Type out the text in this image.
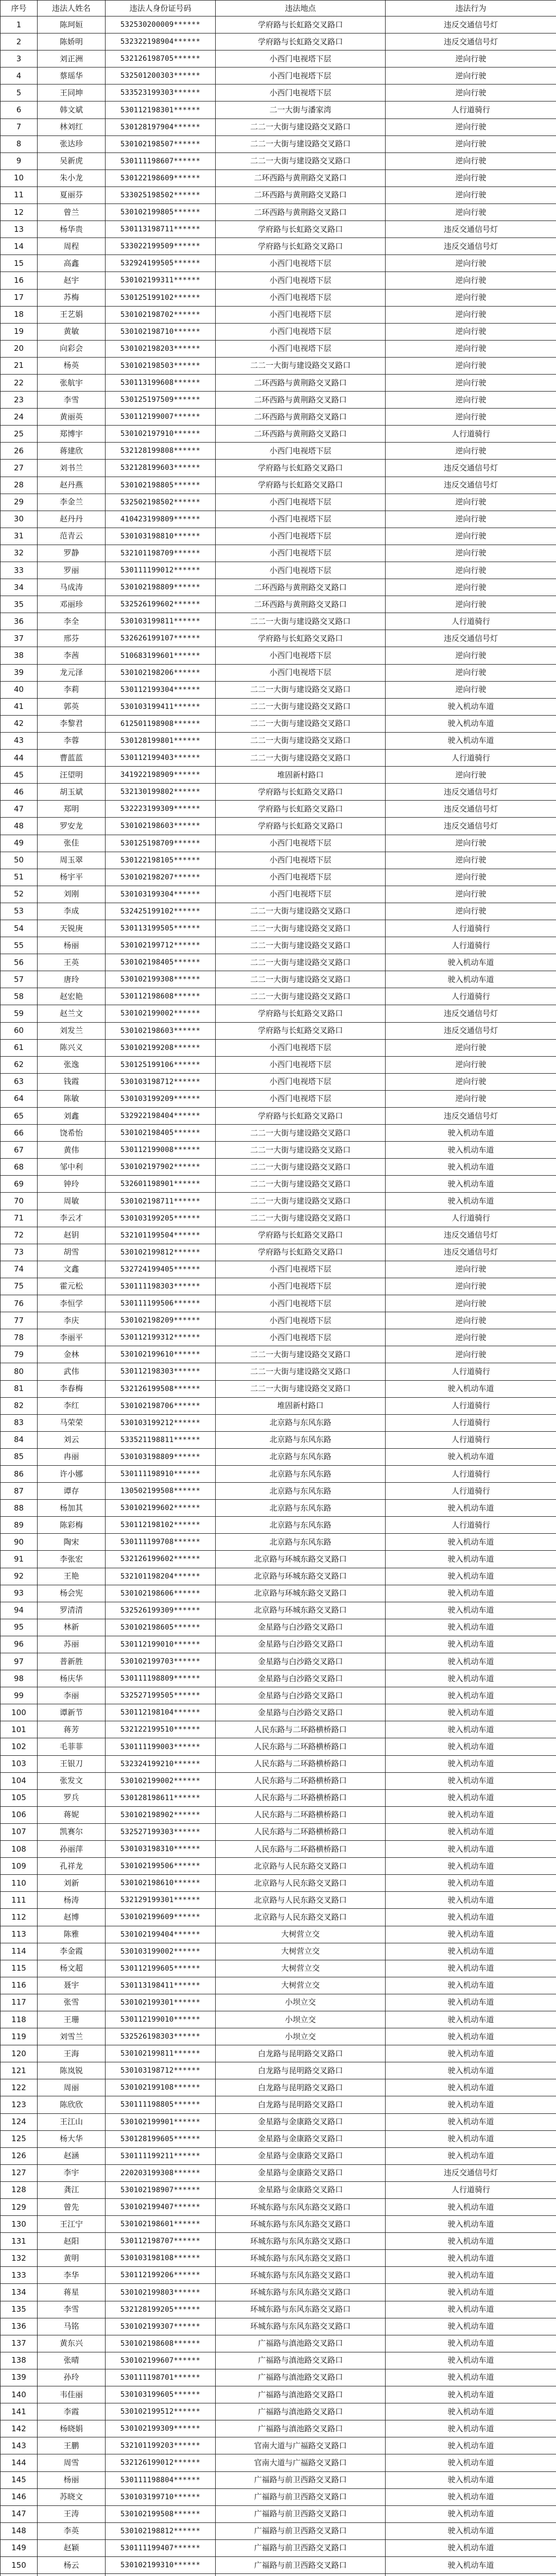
序号	违法人姓名	违法人身份证号码	违法地点	违法行为
1	陈珂姮	532530200009******	学府路与长虹路交叉路口	违反交通信号灯
2	陈娇明	532322198904******	学府路与长虹路交叉路口	违反交通信号灯
3	刘正洲	532126198705******	小西门电视塔下层	逆向行驶
4	蔡瑶华	532501200303******	小西门电视塔下层	逆向行驶
5	王同坤	533523199303******	小西门电视塔下层	逆向行驶
6	韩文斌	530112198301******	二一大街与潘家湾	人行道骑行
7	林刘红	530128197904******	二二一大街与建设路交叉路口	逆向行驶
8	张达珍	530102198507******	二二一大街与建设路交叉路口	逆向行驶
9	吴新虎	530111198607******	二二一大街与建设路交叉路口	逆向行驶
10	朱小龙	530122198609******	二环西路与黄荆路交叉路口	逆向行驶
11	夏丽芬	533025198502******	二环西路与黄荆路交叉路口	逆向行驶
12	曾兰	530102199805******	二环西路与黄荆路交叉路口	逆向行驶
13	杨华贵	530113198711******	学府路与长虹路交叉路口	违反交通信号灯
14	周程	533022199509******	学府路与长虹路交叉路口	违反交通信号灯
15	高鑫	532924199505******	小西门电视塔下层	逆向行驶
16	赵宇	530102199311******	小西门电视塔下层	逆向行驶
17	苏梅	530125199102******	小西门电视塔下层	逆向行驶
18	王艺娟	530102198702******	小西门电视塔下层	逆向行驶
19	黄敏	530102198710******	小西门电视塔下层	逆向行驶
20	向彩会	530102198203******	小西门电视塔下层	逆向行驶
21	杨英	530102198503******	二二一大街与建设路交叉路口	逆向行驶
22	张航宇	530113199608******	二环西路与黄荆路交叉路口	逆向行驶
23	李雪	530125197509******	二环西路与黄荆路交叉路口	逆向行驶
24	黄丽英	530112199007******	二环西路与黄荆路交叉路口	逆向行驶
25	郑博宇	530102197910******	二环西路与黄荆路交叉路口	人行道骑行
26	蒋建欣	532128199808******	小西门电视塔下层	逆向行驶
27	刘书兰	532128199603******	学府路与长虹路交叉路口	违反交通信号灯
28	赵丹燕	530102198805******	学府路与长虹路交叉路口	违反交通信号灯
29	李金兰	532502198502******	小西门电视塔下层	逆向行驶
30	赵丹丹	410423199809******	小西门电视塔下层	逆向行驶
31	范青云	530103198810******	小西门电视塔下层	逆向行驶
32	罗静	532101198709******	小西门电视塔下层	逆向行驶
33	罗丽	530111199012******	小西门电视塔下层	逆向行驶
34	马成涛	530102198809******	二环西路与黄荆路交叉路口	逆向行驶
35	邓丽珍	532526199602******	二环西路与黄荆路交叉路口	逆向行驶
36	李全	530103199811******	二二一大街与建设路交叉路口	人行道骑行
37	邢芬	532626199107******	学府路与长虹路交叉路口	违反交通信号灯
38	李茜	510683199601******	小西门电视塔下层	逆向行驶
39	龙元泽	530102198206******	小西门电视塔下层	逆向行驶
40	李莉	530112199304******	二二一大街与建设路交叉路口	逆向行驶
41	郭英	530103199411******	二二一大街与建设路交叉路口	驶入机动车道
42	李黎君	612501198908******	二二一大街与建设路交叉路口	驶入机动车道
43	李蓉	530128199801******	二二一大街与建设路交叉路口	驶入机动车道
44	曹蓝蓝	530112199403******	二二一大街与建设路交叉路口	人行道骑行
45	汪望明	341922198909******	堆固新村路口	逆向行驶
46	胡玉斌	532130199802******	学府路与长虹路交叉路口	违反交通信号灯
47	郑明	532223199309******	学府路与长虹路交叉路口	违反交通信号灯
48	罗安龙	530102198603******	学府路与长虹路交叉路口	违反交通信号灯
49	张佳	530125198709******	小西门电视塔下层	逆向行驶
50	周玉翠	530122198105******	小西门电视塔下层	逆向行驶
51	杨宇平	530102198207******	小西门电视塔下层	逆向行驶
52	刘刚	530103199304******	小西门电视塔下层	逆向行驶
53	李成	532425199102******	二二一大街与建设路交叉路口	逆向行驶
54	天锐庚	530113199505******	二二一大街与建设路交叉路口	人行道骑行
55	杨丽	530102199712******	二二一大街与建设路交叉路口	人行道骑行
56	王英	530102198405******	二二一大街与建设路交叉路口	驶入机动车道
57	唐玲	530102199308******	二二一大街与建设路交叉路口	驶入机动车道
58	赵宏艳	530112198608******	二二一大街与建设路交叉路口	人行道骑行
59	赵兰文	530102199002******	学府路与长虹路交叉路口	违反交通信号灯
60	刘发兰	530102198603******	学府路与长虹路交叉路口	违反交通信号灯
61	陈兴义	530102199208******	小西门电视塔下层	逆向行驶
62	张逸	530125199106******	小西门电视塔下层	逆向行驶
63	钱霞	530103198712******	小西门电视塔下层	逆向行驶
64	陈敏	530103199209******	小西门电视塔下层	逆向行驶
65	刘鑫	532922198404******	学府路与长虹路交叉路口	违反交通信号灯
66	饶希怡	530102198405******	二二一大街与建设路交叉路口	驶入机动车道
67	黄伟	530112199008******	二二一大街与建设路交叉路口	驶入机动车道
68	邹中利	530102197902******	二二一大街与建设路交叉路口	驶入机动车道
69	钟玲	532601198901******	二二一大街与建设路交叉路口	驶入机动车道
70	周敏	530102198711******	二二一大街与建设路交叉路口	驶入机动车道
71	李云才	530103199205******	二二一大街与建设路交叉路口	人行道骑行
72	赵钥	532101199504******	学府路与长虹路交叉路口	违反交通信号灯
73	胡雪	530102199812******	学府路与长虹路交叉路口	违反交通信号灯
74	文鑫	532724199405******	小西门电视塔下层	逆向行驶
75	霍元松	530111198303******	小西门电视塔下层	逆向行驶
76	李恒学	530111199506******	小西门电视塔下层	逆向行驶
77	李庆	530102198209******	小西门电视塔下层	逆向行驶
78	李丽平	530112199312******	小西门电视塔下层	逆向行驶
79	金林	530102199610******	二二一大街与建设路交叉路口	逆向行驶
80	武伟	530112198303******	二二一大街与建设路交叉路口	人行道骑行
81	李春梅	532126199508******	二二一大街与建设路交叉路口	驶入机动车道
82	李红	530102198706******	堆固新村路口	人行道骑行
83	马荣荣	530103199212******	北京路与东风东路	人行道骑行
84	刘云	533521198811******	北京路与东风东路	人行道骑行
85	冉丽	530103198809******	北京路与东风东路	驶入机动车道
86	许小娜	530111198910******	北京路与东风东路	人行道骑行
87	谭存	130502199508******	北京路与东风东路	人行道骑行
88	杨加其	530102199602******	北京路与东风东路	驶入机动车道
89	陈彩梅	530112198102******	北京路与东风东路	人行道骑行
90	陶宋	530111199708******	北京路与东风东路	驶入机动车道
91	李张宏	532126199602******	北京路与环城东路交叉路口	驶入机动车道
92	王艳	532101198204******	北京路与环城东路交叉路口	驶入机动车道
93	杨会宪	530102198606******	北京路与环城东路交叉路口	驶入机动车道
94	罗清清	532526199309******	北京路与环城东路交叉路口	驶入机动车道
95	林新	530102198605******	金星路与白沙路交叉路口	驶入机动车道
96	苏丽	530112199010******	金星路与白沙路交叉路口	驶入机动车道
97	普新胜	530102199703******	金星路与白沙路交叉路口	驶入机动车道
98	杨庆华	530111198809******	金星路与白沙路交叉路口	驶入机动车道
99	李丽	532527199505******	金星路与白沙路交叉路口	驶入机动车道
100	谭新节	530112198104******	金星路与白沙路交叉路口	驶入机动车道
101	蒋芳	532122199510******	人民东路与二环路横桥路口	驶入机动车道
102	毛菲菲	530111199003******	人民东路与二环路横桥路口	驶入机动车道
103	王银刀	532324199210******	人民东路与二环路横桥路口	驶入机动车道
104	张发文	530102199002******	人民东路与二环路横桥路口	驶入机动车道
105	罗兵	530128198611******	人民东路与二环路横桥路口	驶入机动车道
106	蒋妮	530102198902******	人民东路与二环路横桥路口	驶入机动车道
107	凯赛尔	532527199303******	人民东路与二环路横桥路口	驶入机动车道
108	孙丽萍	530103198310******	人民东路与二环路横桥路口	驶入机动车道
109	孔祥龙	530102199506******	北京路与人民东路交叉路口	驶入机动车道
110	刘新	530102198610******	北京路与人民东路交叉路口	驶入机动车道
111	杨涛	532129199301******	北京路与人民东路交叉路口	驶入机动车道
112	赵博	530102199609******	北京路与人民东路交叉路口	驶入机动车道
113	陈雅	530102199404******	大树营立交	驶入机动车道
114	李金霞	530103199002******	大树营立交	驶入机动车道
115	杨文超	530112199605******	大树营立交	驶入机动车道
116	聂宇	530113198411******	大树营立交	驶入机动车道
117	张雪	530102199301******	小坝立交	驶入机动车道
118	王珊	530112199010******	小坝立交	驶入机动车道
119	刘雪兰	532526198303******	小坝立交	驶入机动车道
120	王海	530102199811******	白龙路与昆明路交叉路口	驶入机动车道
121	陈岚锐	530103198712******	白龙路与昆明路交叉路口	驶入机动车道
122	周丽	530102199108******	白龙路与昆明路交叉路口	驶入机动车道
123	陈欣欣	530111198805******	白龙路与昆明路交叉路口	驶入机动车道
124	王江山	530102199901******	金星路与金康路交叉路口	驶入机动车道
125	杨大华	530128199605******	金星路与金康路交叉路口	驶入机动车道
126	赵涵	530111199211******	金星路与金康路交叉路口	驶入机动车道
127	李宇	220203199308******	金星路与金康路交叉路口	违反交通信号灯
128	龚江	530102198907******	金星路与金康路交叉路口	人行道骑行
129	曾先	530102199407******	环城东路与东风东路交叉路口	驶入机动车道
130	王江宁	530102198601******	环城东路与东风东路交叉路口	驶入机动车道
131	赵阳	530112198707******	环城东路与东风东路交叉路口	驶入机动车道
132	黄明	530103198108******	环城东路与东风东路交叉路口	驶入机动车道
133	李华	530112199206******	环城东路与东风东路交叉路口	驶入机动车道
134	蒋星	530102199803******	环城东路与东风东路交叉路口	驶入机动车道
135	李雪	532128199205******	环城东路与东风东路交叉路口	驶入机动车道
136	马铭	530102199307******	环城东路与东风东路交叉路口	驶入机动车道
137	黄东兴	530102198608******	广福路与滇池路交叉路口	驶入机动车道
138	张晴	530102199607******	广福路与滇池路交叉路口	驶入机动车道
139	孙玲	530111198701******	广福路与滇池路交叉路口	驶入机动车道
140	韦佳丽	530103199605******	广福路与滇池路交叉路口	驶入机动车道
141	李霞	530102199512******	广福路与滇池路交叉路口	驶入机动车道
142	杨晓娟	530102199309******	广福路与滇池路交叉路口	驶入机动车道
143	王鹏	532101199203******	官南大道与广福路交叉路口	驶入机动车道
144	周雪	532126199012******	官南大道与广福路交叉路口	驶入机动车道
145	杨丽	530111198804******	广福路与前卫西路交叉路口	驶入机动车道
146	苏晓文	530103199710******	广福路与前卫西路交叉路口	驶入机动车道
147	王涛	530102199508******	广福路与前卫西路交叉路口	驶入机动车道
148	李英	530102198812******	广福路与前卫西路交叉路口	驶入机动车道
149	赵颖	530111199407******	广福路与前卫西路交叉路口	驶入机动车道
150	杨云	530102199310******	广福路与前卫西路交叉路口	驶入机动车道
